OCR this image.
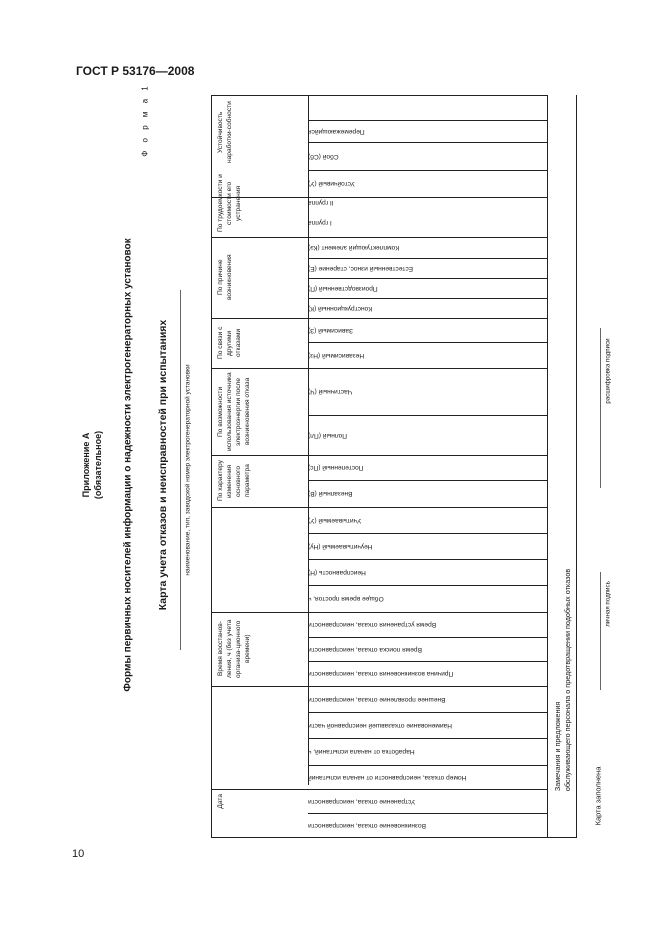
ГОСТ Р 53176—2008
10
Приложение А (обязательное) Формы первичных носителей информации о надежности электрогенераторных установок
Ф о р м а 1
Карта учета отказов и неисправностей при испытаниях наименование, тип, заводской номер электрогенераторной установки
Возникновение отказа, неисправности
Устранение отказа, неисправности
Номер отказа, неисправности от начала испытаний
Наработка от начала испытаний, ч
Наименование отказавшей неисправной части
Внешнее проявление отказа, неисправности
Причина возникновения отказа, неисправности
Время поиска отказа, неисправности
Время устранения отказа, неисправности
Общее время простоя, ч
Неисправность (Н)
Неучитываемый (Ну)
Учитываемый (У)
Внезапный (В)
Постепенный (Пс)
Полный (Пл)
Частичный (Ч)
Независимый (Нз)
Зависимый (З)
Конструкционный (К)
Производственный (П)
Естественный износ, старение (Е)
Комплектующий элемент (Кэ)
I группа
II группа
Устойчивый (У)
Сбой (Сб)
Перемежающийся
Устойчивость наработки-собности
По трудоемкости и стоимости его устранения
По причине возникновения
По связи с другими отказами
По возможности использования источника электроэнергии после возникновения отказа
По характеру изменения основного параметра
Время восстанов-ления, ч (без учета организа-ционного времени)
Дата
Замечания и предложения обслуживающего персонала о предотвращении подобных отказов
Карта заполнена
личная подпись
расшифровка подписи
